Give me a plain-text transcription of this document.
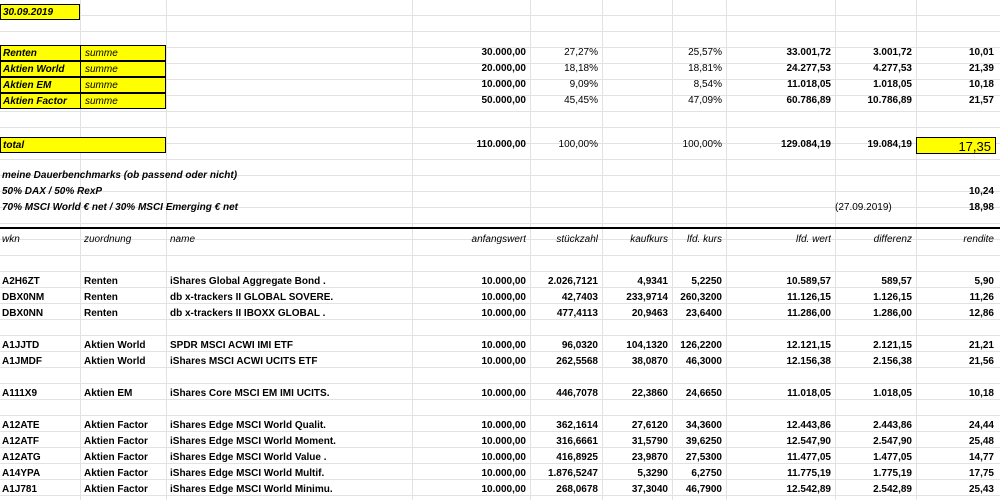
30.09.2019
Renten	summe	30.000,00	27,27%	25,57%	33.001,72	3.001,72	10,01
Aktien World	summe	20.000,00	18,18%	18,81%	24.277,53	4.277,53	21,39
Aktien EM	summe	10.000,00	9,09%	8,54%	11.018,05	1.018,05	10,18
Aktien Factor	summe	50.000,00	45,45%	47,09%	60.786,89	10.786,89	21,57
total	110.000,00	100,00%	100,00%	129.084,19	19.084,19	17,35
meine Dauerbenchmarks (ob passend oder nicht)
50% DAX / 50% RexP	10,24
70% MSCI World € net / 30% MSCI Emerging € net	(27.09.2019)	18,98
wkn	zuordnung	name	anfangswert	stückzahl	kaufkurs	lfd. kurs	lfd. wert	differenz	rendite
A2H6ZT	Renten	iShares Global Aggregate Bond .	10.000,00	2.026,7121	4,9341	5,2250	10.589,57	589,57	5,90
DBX0NM	Renten	db x-trackers II GLOBAL SOVERE.	10.000,00	42,7403	233,9714	260,3200	11.126,15	1.126,15	11,26
DBX0NN	Renten	db x-trackers II IBOXX GLOBAL .	10.000,00	477,4113	20,9463	23,6400	11.286,00	1.286,00	12,86
A1JJTD	Aktien World	SPDR MSCI ACWI IMI ETF	10.000,00	96,0320	104,1320	126,2200	12.121,15	2.121,15	21,21
A1JMDF	Aktien World	iShares MSCI ACWI UCITS ETF	10.000,00	262,5568	38,0870	46,3000	12.156,38	2.156,38	21,56
A111X9	Aktien EM	iShares Core MSCI EM IMI UCITS.	10.000,00	446,7078	22,3860	24,6650	11.018,05	1.018,05	10,18
A12ATE	Aktien Factor	iShares Edge MSCI World Qualit.	10.000,00	362,1614	27,6120	34,3600	12.443,86	2.443,86	24,44
A12ATF	Aktien Factor	iShares Edge MSCI World Moment.	10.000,00	316,6661	31,5790	39,6250	12.547,90	2.547,90	25,48
A12ATG	Aktien Factor	iShares Edge MSCI World Value .	10.000,00	416,8925	23,9870	27,5300	11.477,05	1.477,05	14,77
A14YPA	Aktien Factor	iShares Edge MSCI World Multif.	10.000,00	1.876,5247	5,3290	6,2750	11.775,19	1.775,19	17,75
A1J781	Aktien Factor	iShares Edge MSCI World Minimu.	10.000,00	268,0678	37,3040	46,7900	12.542,89	2.542,89	25,43
